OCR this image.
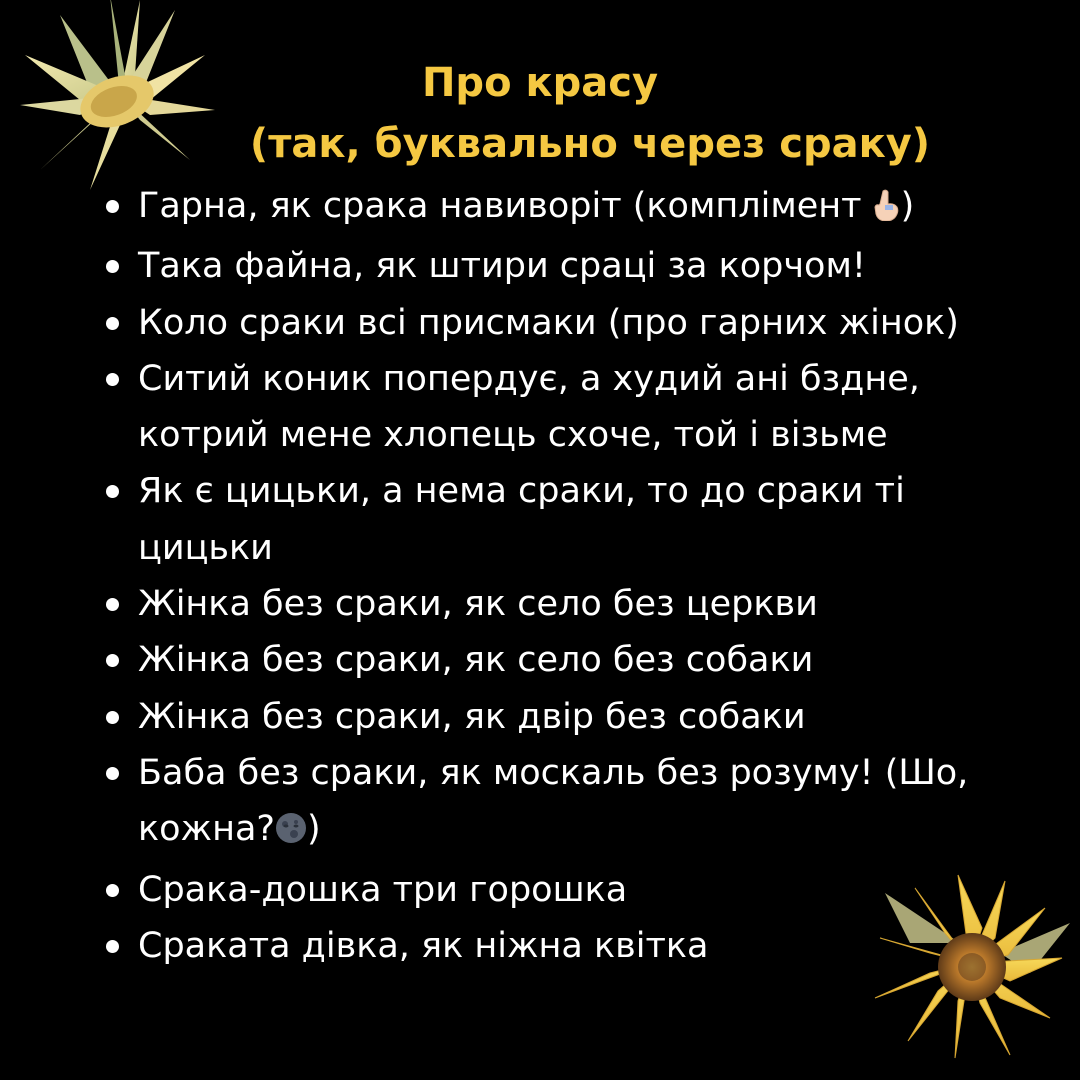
Про красу
(так, буквально через сраку)
Гарна, як срака навиворіт (комплімент )
Така файна, як штири сраці за корчом!
Коло сраки всі присмаки (про гарних жінок)
Ситий коник попердує, а худий ані бздне, котрий мене хлопець схоче, той і візьме
Як є цицьки, а нема сраки, то до сраки ті цицьки
Жінка без сраки, як село без церкви
Жінка без сраки, як село без собаки
Жінка без сраки, як двір без собаки
Баба без сраки, як москаль без розуму! (Шо, кожна? )
Срака-дошка три горошка
Сракатa дівка, як ніжна квітка
